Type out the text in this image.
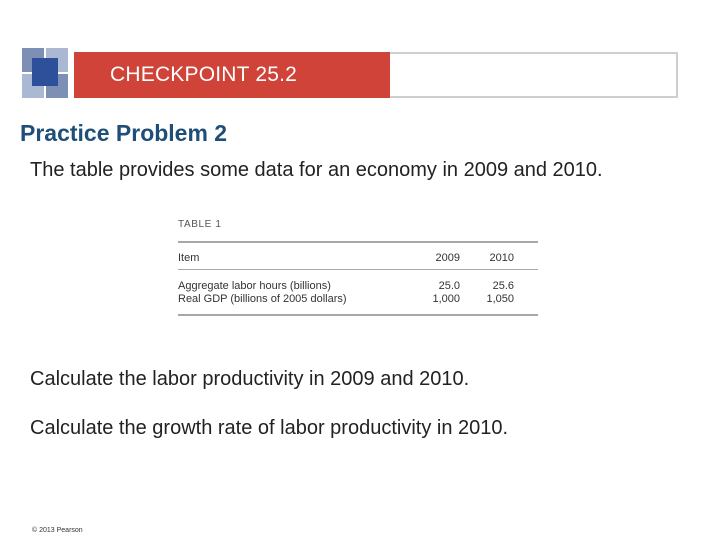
CHECKPOINT 25.2
Practice Problem 2

The table provides some data for an economy in 2009 and 2010.

TABLE 1
Item	2009	2010
Aggregate labor hours (billions)	25.0	25.6
Real GDP (billions of 2005 dollars)	1,000	1,050

Calculate the labor productivity in 2009 and 2010.

Calculate the growth rate of labor productivity in 2010.

© 2013 Pearson
